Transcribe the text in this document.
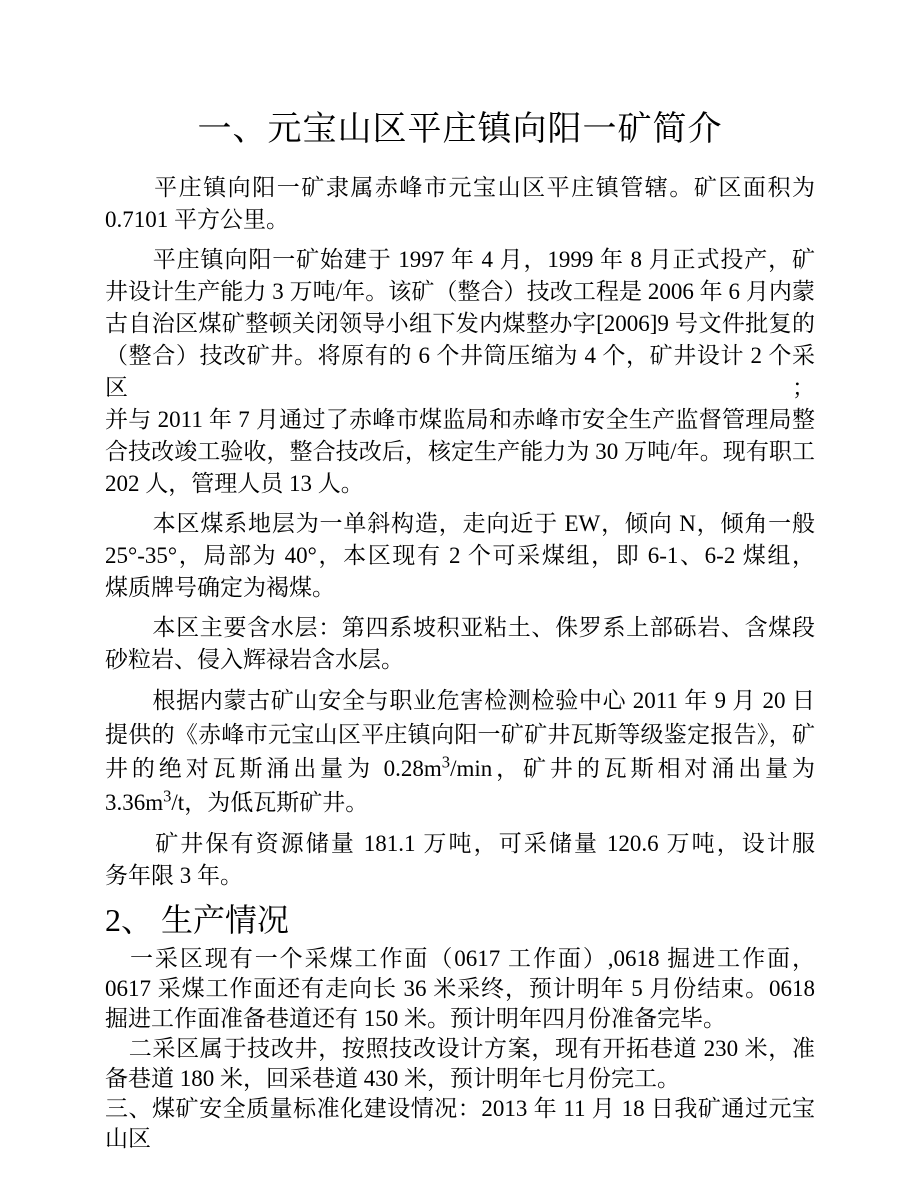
一、元宝山区平庄镇向阳一矿简介
　　平庄镇向阳一矿隶属赤峰市元宝山区平庄镇管辖。矿区面积为
0.7101 平方公里。
　　平庄镇向阳一矿始建于 1997 年 4 月，1999 年 8 月正式投产，矿
井设计生产能力 3 万吨/年。该矿（整合）技改工程是 2006 年 6 月内蒙
古自治区煤矿整顿关闭领导小组下发内煤整办字[2006]9 号文件批复的
（整合）技改矿井。将原有的 6 个井筒压缩为 4 个，矿井设计 2 个采区；
并与 2011 年 7 月通过了赤峰市煤监局和赤峰市安全生产监督管理局整
合技改竣工验收，整合技改后，核定生产能力为 30 万吨/年。现有职工
202 人，管理人员 13 人。
　　本区煤系地层为一单斜构造，走向近于 EW，倾向 N，倾角一般
25°-35°，局部为 40°，本区现有 2 个可采煤组，即 6-1、6-2 煤组，
煤质牌号确定为褐煤。
　　本区主要含水层：第四系坡积亚粘土、侏罗系上部砾岩、含煤段
砂粒岩、侵入辉禄岩含水层。
　　根据内蒙古矿山安全与职业危害检测检验中心 2011 年 9 月 20 日
提供的《赤峰市元宝山区平庄镇向阳一矿矿井瓦斯等级鉴定报告》，矿
井的绝对瓦斯涌出量为 $0.28m^3/\min$，矿井的瓦斯相对涌出量为
$3.36m^3/t$，为低瓦斯矿井。
　　矿井保有资源储量 181.1 万吨，可采储量 120.6 万吨，设计服
务年限 3 年。
2、 生产情况
　一采区现有一个采煤工作面（0617 工作面）,0618 掘进工作面，
0617 采煤工作面还有走向长 36 米采终，预计明年 5 月份结束。0618
掘进工作面准备巷道还有 150 米。预计明年四月份准备完毕。
　二采区属于技改井，按照技改设计方案，现有开拓巷道 230 米，准
备巷道 180 米，回采巷道 430 米，预计明年七月份完工。
三、煤矿安全质量标准化建设情况：2013 年 11 月 18 日我矿通过元宝
山区
